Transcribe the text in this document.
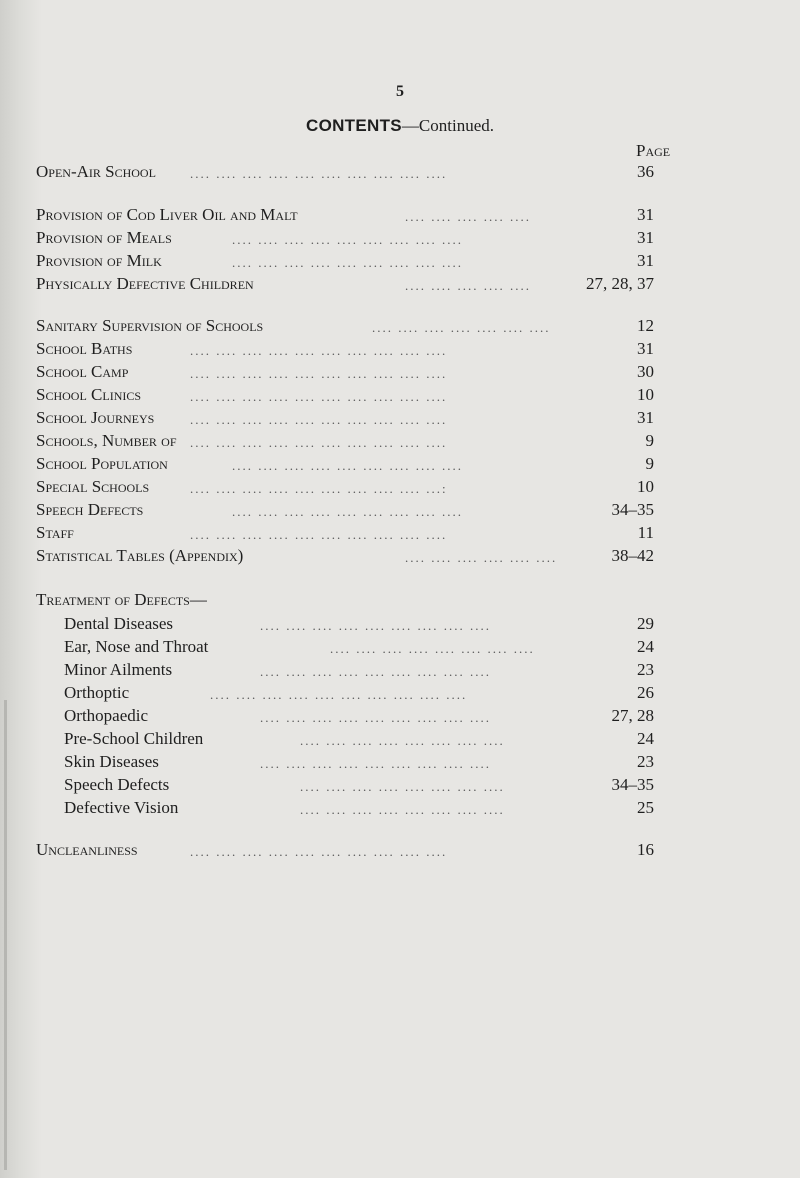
5
CONTENTS—Continued.
Page
Open-Air School	.... .... .... .... .... .... .... .... .... ....	36
Provision of Cod Liver Oil and Malt	.... .... .... .... ....	31
Provision of Meals	.... .... .... .... .... .... .... .... ....	31
Provision of Milk	.... .... .... .... .... .... .... .... ....	31
Physically Defective Children	.... .... .... .... ....	27, 28, 37
Sanitary Supervision of Schools	.... .... .... .... .... .... ....	12
School Baths	.... .... .... .... .... .... .... .... .... ....	31
School Camp	.... .... .... .... .... .... .... .... .... ....	30
School Clinics	.... .... .... .... .... .... .... .... .... ....	10
School Journeys	.... .... .... .... .... .... .... .... .... ....	31
Schools, Number of .... .... .... .... .... .... .... .... .... ....	9
School Population	.... .... .... .... .... .... .... .... ....	9
Special Schools	.... .... .... .... .... .... .... .... .... ...:	10
Speech Defects	.... .... .... .... .... .... .... .... ....	34–35
Staff	.... .... .... .... .... .... .... .... .... ....	11
Statistical Tables (Appendix)	.... .... .... .... .... ....	38–42
Treatment of Defects—
Dental Diseases	.... .... .... .... .... .... .... .... ....	29
Ear, Nose and Throat	.... .... .... .... .... .... .... ....	24
Minor Ailments	.... .... .... .... .... .... .... .... ....	23
Orthoptic	.... .... .... .... .... .... .... .... .... ....	26
Orthopaedic	.... .... .... .... .... .... .... .... ....	27, 28
Pre-School Children	.... .... .... .... .... .... .... ....	24
Skin Diseases	.... .... .... .... .... .... .... .... ....	23
Speech Defects	.... .... .... .... .... .... .... ....	34–35
Defective Vision	.... .... .... .... .... .... .... ....	25
Uncleanliness	.... .... .... .... .... .... .... .... .... ....	16
